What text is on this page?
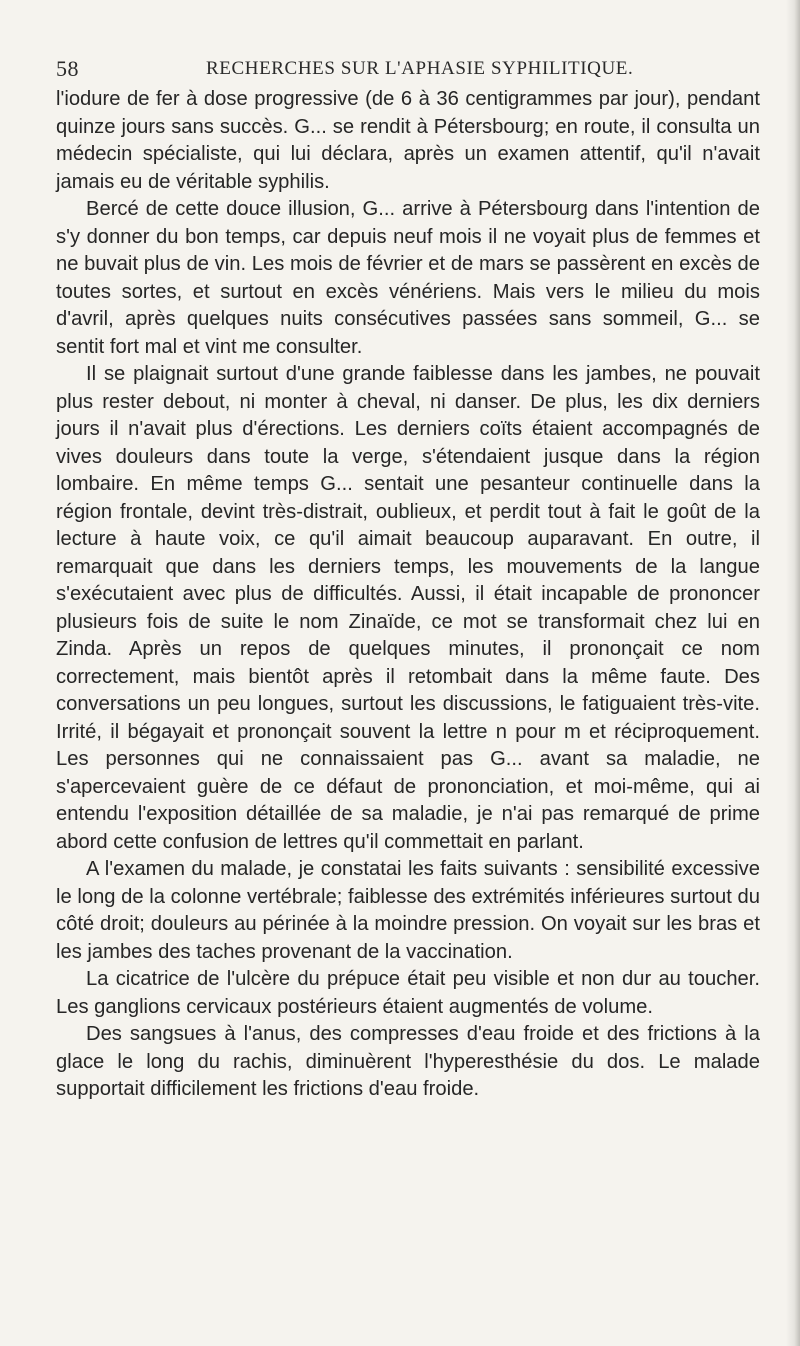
58	RECHERCHES SUR L'APHASIE SYPHILITIQUE.

l'iodure de fer à dose progressive (de 6 à 36 centigrammes par jour), pendant quinze jours sans succès. G... se rendit à Pétersbourg; en route, il consulta un médecin spécialiste, qui lui déclara, après un examen attentif, qu'il n'avait jamais eu de véritable syphilis.

Bercé de cette douce illusion, G... arrive à Pétersbourg dans l'intention de s'y donner du bon temps, car depuis neuf mois il ne voyait plus de femmes et ne buvait plus de vin. Les mois de février et de mars se passèrent en excès de toutes sortes, et surtout en excès vénériens. Mais vers le milieu du mois d'avril, après quelques nuits consécutives passées sans sommeil, G... se sentit fort mal et vint me consulter.

Il se plaignait surtout d'une grande faiblesse dans les jambes, ne pouvait plus rester debout, ni monter à cheval, ni danser. De plus, les dix derniers jours il n'avait plus d'érections. Les derniers coïts étaient accompagnés de vives douleurs dans toute la verge, s'étendaient jusque dans la région lombaire. En même temps G... sentait une pesanteur continuelle dans la région frontale, devint très-distrait, oublieux, et perdit tout à fait le goût de la lecture à haute voix, ce qu'il aimait beaucoup auparavant. En outre, il remarquait que dans les derniers temps, les mouvements de la langue s'exécutaient avec plus de difficultés. Aussi, il était incapable de prononcer plusieurs fois de suite le nom Zinaïde, ce mot se transformait chez lui en Zinda. Après un repos de quelques minutes, il prononçait ce nom correctement, mais bientôt après il retombait dans la même faute. Des conversations un peu longues, surtout les discussions, le fatiguaient très-vite. Irrité, il bégayait et prononçait souvent la lettre n pour m et réciproquement. Les personnes qui ne connaissaient pas G... avant sa maladie, ne s'apercevaient guère de ce défaut de prononciation, et moi-même, qui ai entendu l'exposition détaillée de sa maladie, je n'ai pas remarqué de prime abord cette confusion de lettres qu'il commettait en parlant.

A l'examen du malade, je constatai les faits suivants : sensibilité excessive le long de la colonne vertébrale; faiblesse des extrémités inférieures surtout du côté droit; douleurs au périnée à la moindre pression. On voyait sur les bras et les jambes des taches provenant de la vaccination.

La cicatrice de l'ulcère du prépuce était peu visible et non dur au toucher. Les ganglions cervicaux postérieurs étaient augmentés de volume.

Des sangsues à l'anus, des compresses d'eau froide et des frictions à la glace le long du rachis, diminuèrent l'hyperesthésie du dos. Le malade supportait difficilement les frictions d'eau froide.
